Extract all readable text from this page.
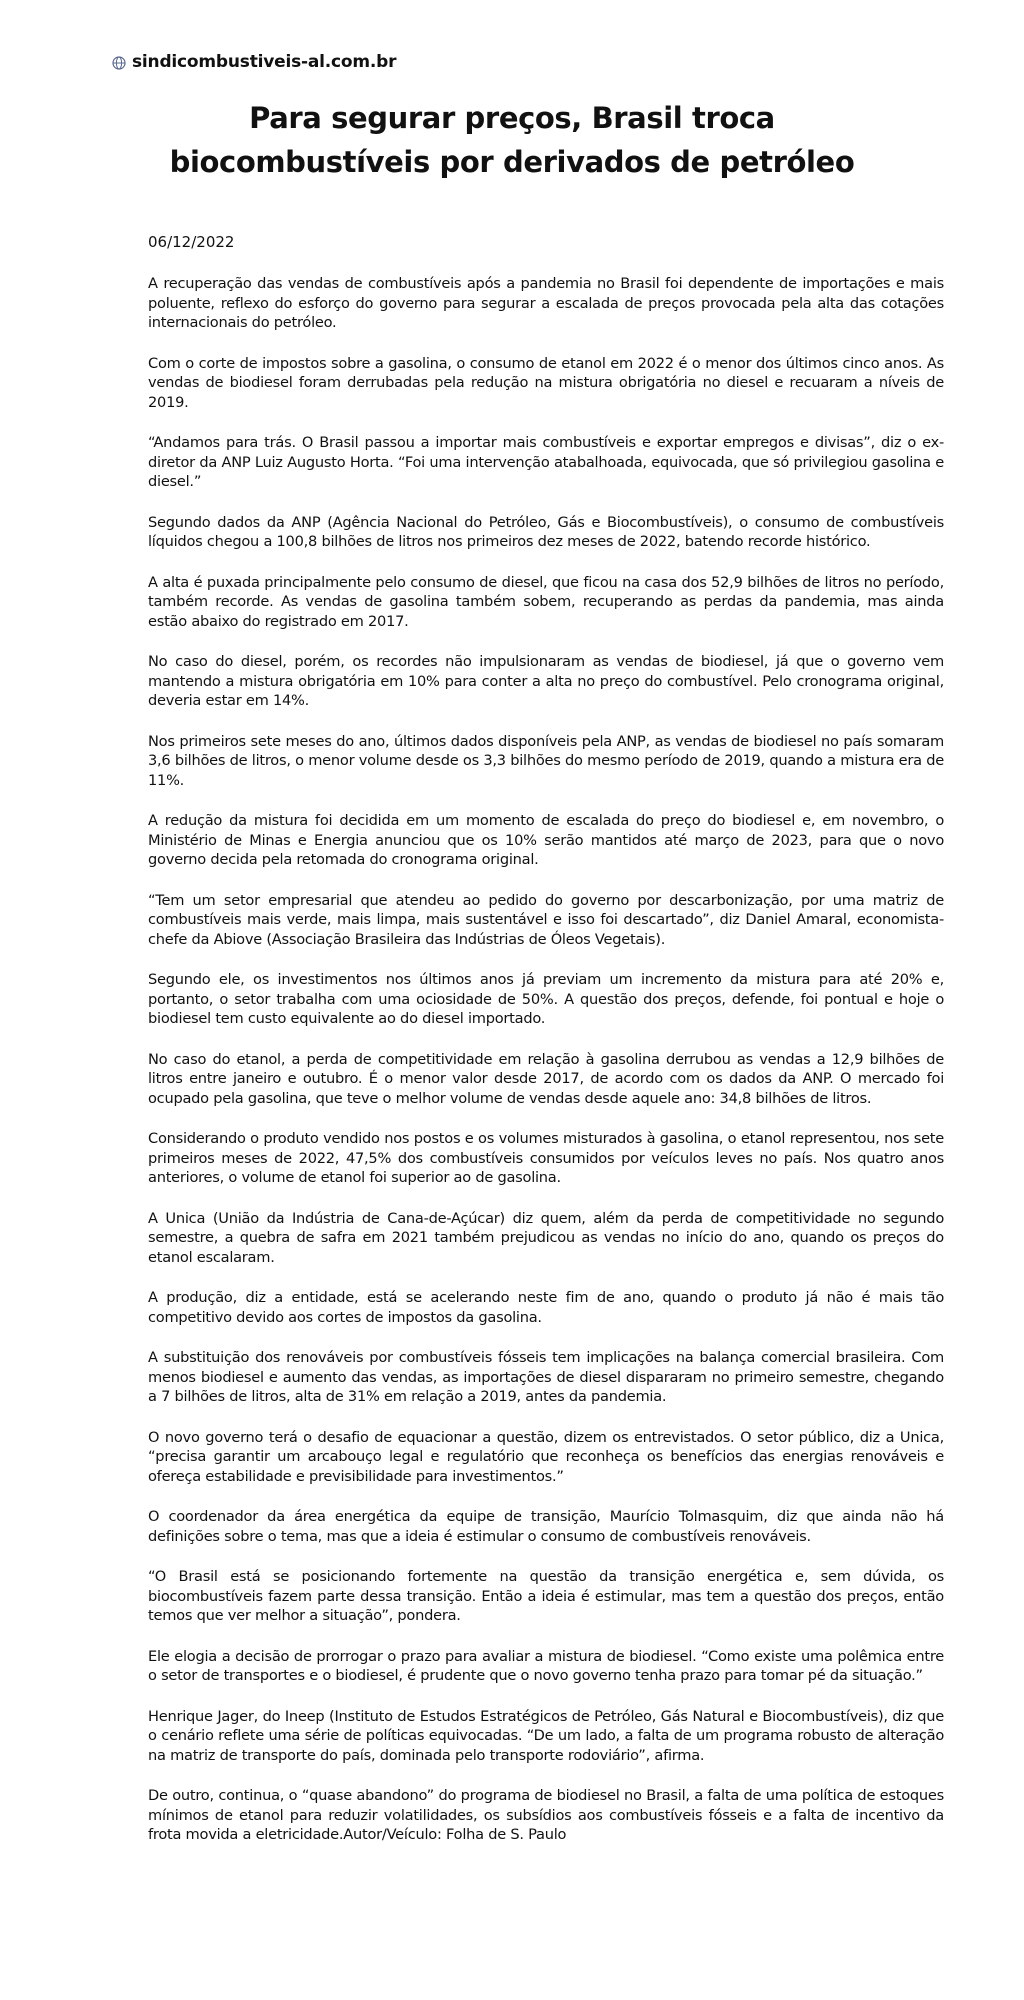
sindicombustiveis-al.com.br
Para segurar preços, Brasil troca biocombustíveis por derivados de petróleo
06/12/2022

A recuperação das vendas de combustíveis após a pandemia no Brasil foi dependente de importações e mais poluente, reflexo do esforço do governo para segurar a escalada de preços provocada pela alta das cotações internacionais do petróleo.

Com o corte de impostos sobre a gasolina, o consumo de etanol em 2022 é o menor dos últimos cinco anos. As vendas de biodiesel foram derrubadas pela redução na mistura obrigatória no diesel e recuaram a níveis de 2019.

“Andamos para trás. O Brasil passou a importar mais combustíveis e exportar empregos e divisas”, diz o ex-diretor da ANP Luiz Augusto Horta. “Foi uma intervenção atabalhoada, equivocada, que só privilegiou gasolina e diesel.”

Segundo dados da ANP (Agência Nacional do Petróleo, Gás e Biocombustíveis), o consumo de combustíveis líquidos chegou a 100,8 bilhões de litros nos primeiros dez meses de 2022, batendo recorde histórico.

A alta é puxada principalmente pelo consumo de diesel, que ficou na casa dos 52,9 bilhões de litros no período, também recorde. As vendas de gasolina também sobem, recuperando as perdas da pandemia, mas ainda estão abaixo do registrado em 2017.

No caso do diesel, porém, os recordes não impulsionaram as vendas de biodiesel, já que o governo vem mantendo a mistura obrigatória em 10% para conter a alta no preço do combustível. Pelo cronograma original, deveria estar em 14%.

Nos primeiros sete meses do ano, últimos dados disponíveis pela ANP, as vendas de biodiesel no país somaram 3,6 bilhões de litros, o menor volume desde os 3,3 bilhões do mesmo período de 2019, quando a mistura era de 11%.

A redução da mistura foi decidida em um momento de escalada do preço do biodiesel e, em novembro, o Ministério de Minas e Energia anunciou que os 10% serão mantidos até março de 2023, para que o novo governo decida pela retomada do cronograma original.

“Tem um setor empresarial que atendeu ao pedido do governo por descarbonização, por uma matriz de combustíveis mais verde, mais limpa, mais sustentável e isso foi descartado”, diz Daniel Amaral, economista-chefe da Abiove (Associação Brasileira das Indústrias de Óleos Vegetais).

Segundo ele, os investimentos nos últimos anos já previam um incremento da mistura para até 20% e, portanto, o setor trabalha com uma ociosidade de 50%. A questão dos preços, defende, foi pontual e hoje o biodiesel tem custo equivalente ao do diesel importado.

No caso do etanol, a perda de competitividade em relação à gasolina derrubou as vendas a 12,9 bilhões de litros entre janeiro e outubro. É o menor valor desde 2017, de acordo com os dados da ANP. O mercado foi ocupado pela gasolina, que teve o melhor volume de vendas desde aquele ano: 34,8 bilhões de litros.

Considerando o produto vendido nos postos e os volumes misturados à gasolina, o etanol representou, nos sete primeiros meses de 2022, 47,5% dos combustíveis consumidos por veículos leves no país. Nos quatro anos anteriores, o volume de etanol foi superior ao de gasolina.

A Unica (União da Indústria de Cana-de-Açúcar) diz quem, além da perda de competitividade no segundo semestre, a quebra de safra em 2021 também prejudicou as vendas no início do ano, quando os preços do etanol escalaram.

A produção, diz a entidade, está se acelerando neste fim de ano, quando o produto já não é mais tão competitivo devido aos cortes de impostos da gasolina.

A substituição dos renováveis por combustíveis fósseis tem implicações na balança comercial brasileira. Com menos biodiesel e aumento das vendas, as importações de diesel dispararam no primeiro semestre, chegando a 7 bilhões de litros, alta de 31% em relação a 2019, antes da pandemia.

O novo governo terá o desafio de equacionar a questão, dizem os entrevistados. O setor público, diz a Unica, “precisa garantir um arcabouço legal e regulatório que reconheça os benefícios das energias renováveis e ofereça estabilidade e previsibilidade para investimentos.”

O coordenador da área energética da equipe de transição, Maurício Tolmasquim, diz que ainda não há definições sobre o tema, mas que a ideia é estimular o consumo de combustíveis renováveis.

“O Brasil está se posicionando fortemente na questão da transição energética e, sem dúvida, os biocombustíveis fazem parte dessa transição. Então a ideia é estimular, mas tem a questão dos preços, então temos que ver melhor a situação”, pondera.

Ele elogia a decisão de prorrogar o prazo para avaliar a mistura de biodiesel. “Como existe uma polêmica entre o setor de transportes e o biodiesel, é prudente que o novo governo tenha prazo para tomar pé da situação.”

Henrique Jager, do Ineep (Instituto de Estudos Estratégicos de Petróleo, Gás Natural e Biocombustíveis), diz que o cenário reflete uma série de políticas equivocadas. “De um lado, a falta de um programa robusto de alteração na matriz de transporte do país, dominada pelo transporte rodoviário”, afirma.

De outro, continua, o “quase abandono” do programa de biodiesel no Brasil, a falta de uma política de estoques mínimos de etanol para reduzir volatilidades, os subsídios aos combustíveis fósseis e a falta de incentivo da frota movida a eletricidade.Autor/Veículo: Folha de S. Paulo
